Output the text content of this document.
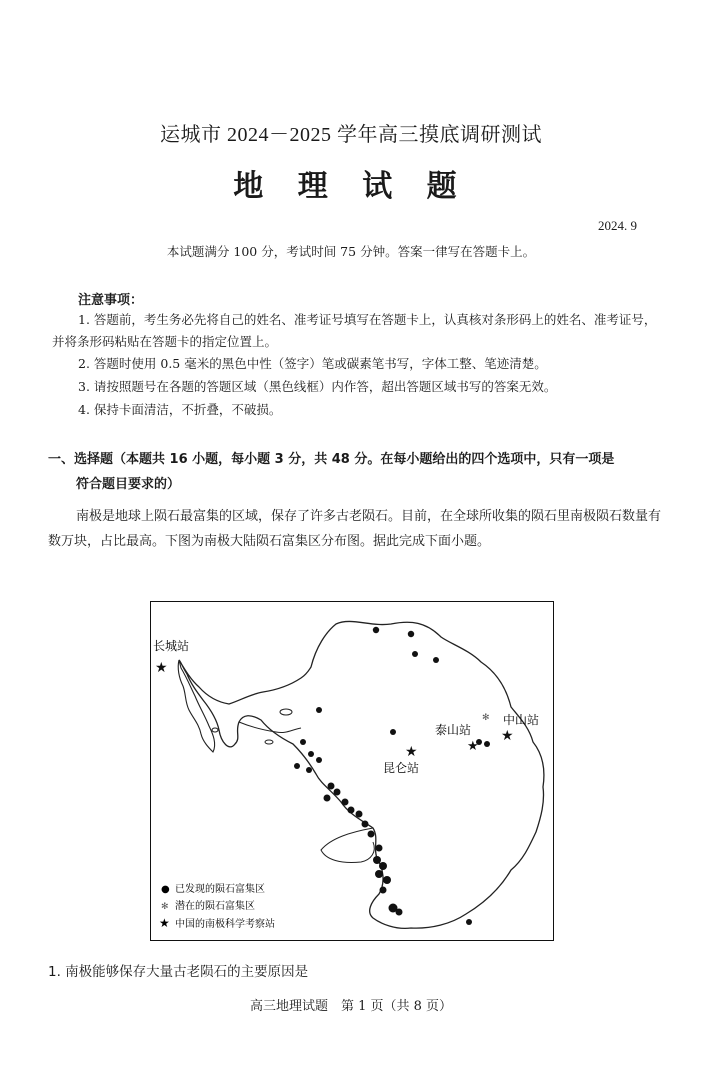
运城市 2024－2025 学年高三摸底调研测试
地 理 试 题
2024. 9
本试题满分 100 分，考试时间 75 分钟。答案一律写在答题卡上。
注意事项：
1. 答题前，考生务必先将自己的姓名、准考证号填写在答题卡上，认真核对条形码上的姓名、准考证号，并将条形码粘贴在答题卡的指定位置上。
2. 答题时使用 0.5 毫米的黑色中性（签字）笔或碳素笔书写，字体工整、笔迹清楚。
3. 请按照题号在各题的答题区域（黑色线框）内作答，超出答题区域书写的答案无效。
4. 保持卡面清洁，不折叠，不破损。
一、选择题（本题共 16 小题，每小题 3 分，共 48 分。在每小题给出的四个选项中，只有一项是
符合题目要求的）
南极是地球上陨石最富集的区域，保存了许多古老陨石。目前，在全球所收集的陨石里南极陨石数量有数万块，占比最高。下图为南极大陆陨石富集区分布图。据此完成下面小题。
✻
★
★	★
★
长城站
泰山站
中山站
昆仑站
● 已发现的陨石富集区
✻ 潜在的陨石富集区
★ 中国的南极科学考察站
1. 南极能够保存大量古老陨石的主要原因是
高三地理试题　第 1 页（共 8 页）
